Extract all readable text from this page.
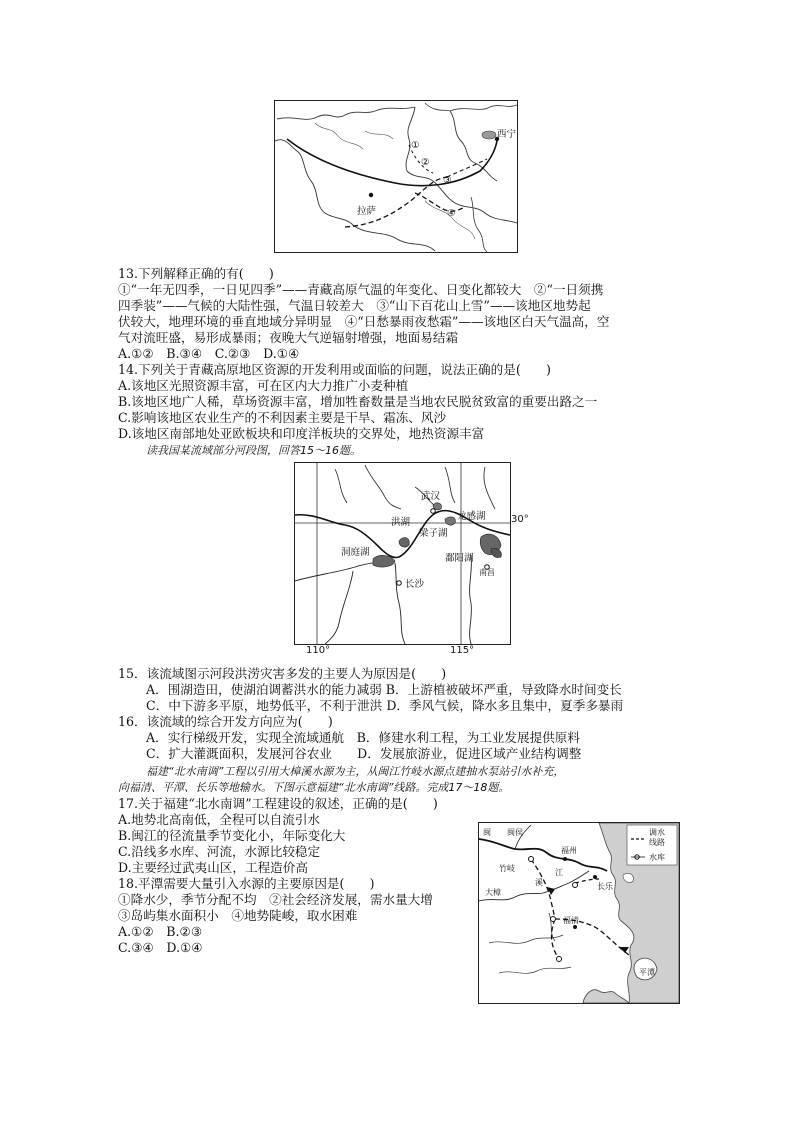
西宁
拉萨
①
②
③
④
13.下列解释正确的有(　　)
①“一年无四季，一日见四季”——青藏高原气温的年变化、日变化都较大　②“一日须携
四季装”——气候的大陆性强，气温日较差大　③“山下百花山上雪”——该地区地势起
伏较大，地理环境的垂直地域分异明显　④“日愁暴雨夜愁霜”——该地区白天气温高，空
气对流旺盛，易形成暴雨；夜晚大气逆辐射增强，地面易结霜
A.①②　B.③④　C.②③　D.①④
14.下列关于青藏高原地区资源的开发利用或面临的问题，说法正确的是(　　)
A.该地区光照资源丰富，可在区内大力推广小麦种植
B.该地区地广人稀，草场资源丰富，增加牲畜数量是当地农民脱贫致富的重要出路之一
C.影响该地区农业生产的不利因素主要是干旱、霜冻、风沙
D.该地区南部地处亚欧板块和印度洋板块的交界处，地热资源丰富
读我国某流域部分河段图，回答15～16题。
武汉
洪湖
龙感湖
梁子湖
洞庭湖
鄱阳湖
南昌
长沙
110°	115°
30°
15．该流域图示河段洪涝灾害多发的主要人为原因是(　　)
A．围湖造田，使湖泊调蓄洪水的能力减弱 B．上游植被破坏严重，导致降水时间变长
C．中下游多平原，地势低平，不利于泄洪 D．季风气候，降水多且集中，夏季多暴雨
16．该流域的综合开发方向应为(　　)
A．实行梯级开发，实现全流域通航　B．修建水利工程，为工业发展提供原料
C．扩大灌溉面积，发展河谷农业　　D．发展旅游业，促进区域产业结构调整
福建“北水南调”工程以引用大樟溪水源为主，从闽江竹岐水源点建抽水泵站引水补充，
向福清、平潭、长乐等地输水。下图示意福建“北水南调”线路。完成17～18题。
17.关于福建“北水南调”工程建设的叙述，正确的是(　　)
A.地势北高南低，全程可以自流引水
B.闽江的径流量季节变化小，年际变化大
C.沿线多水库、河流，水源比较稳定
D.主要经过武夷山区，工程造价高
18.平潭需要大量引入水源的主要原因是(　　)
①降水少，季节分配不均　②社会经济发展，需水量大增
③岛屿集水面积小　④地势陡峻，取水困难
A.①②　B.②③
C.③④　D.①④
调水
线路
水库
闽 闽侯
竹岐
福州
江
长乐
大樟
溪
福清
平潭
